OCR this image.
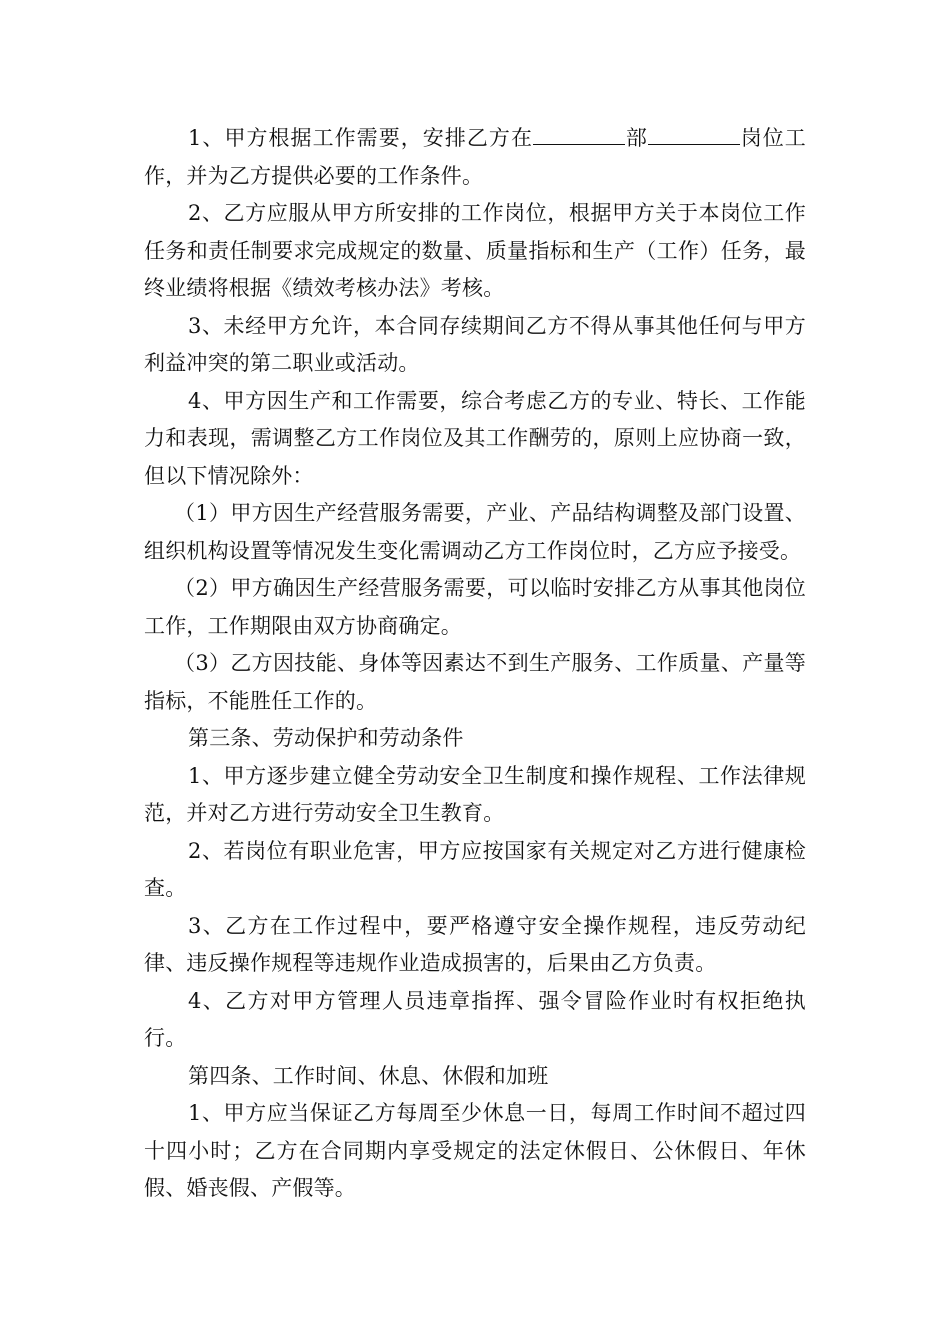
1、甲方根据工作需要，安排乙方在	部	岗位工作，并为乙方提供必要的工作条件。

2、乙方应服从甲方所安排的工作岗位，根据甲方关于本岗位工作任务和责任制要求完成规定的数量、质量指标和生产（工作）任务，最终业绩将根据《绩效考核办法》考核。

3、未经甲方允许，本合同存续期间乙方不得从事其他任何与甲方利益冲突的第二职业或活动。

4、甲方因生产和工作需要，综合考虑乙方的专业、特长、工作能力和表现，需调整乙方工作岗位及其工作酬劳的，原则上应协商一致，但以下情况除外：

（1）甲方因生产经营服务需要，产业、产品结构调整及部门设置、组织机构设置等情况发生变化需调动乙方工作岗位时，乙方应予接受。

（2）甲方确因生产经营服务需要，可以临时安排乙方从事其他岗位工作，工作期限由双方协商确定。

（3）乙方因技能、身体等因素达不到生产服务、工作质量、产量等指标，不能胜任工作的。

第三条、劳动保护和劳动条件

1、甲方逐步建立健全劳动安全卫生制度和操作规程、工作法律规范，并对乙方进行劳动安全卫生教育。

2、若岗位有职业危害，甲方应按国家有关规定对乙方进行健康检查。

3、乙方在工作过程中，要严格遵守安全操作规程，违反劳动纪律、违反操作规程等违规作业造成损害的，后果由乙方负责。

4、乙方对甲方管理人员违章指挥、强令冒险作业时有权拒绝执行。

第四条、工作时间、休息、休假和加班

1、甲方应当保证乙方每周至少休息一日，每周工作时间不超过四十四小时；乙方在合同期内享受规定的法定休假日、公休假日、年休假、婚丧假、产假等。
